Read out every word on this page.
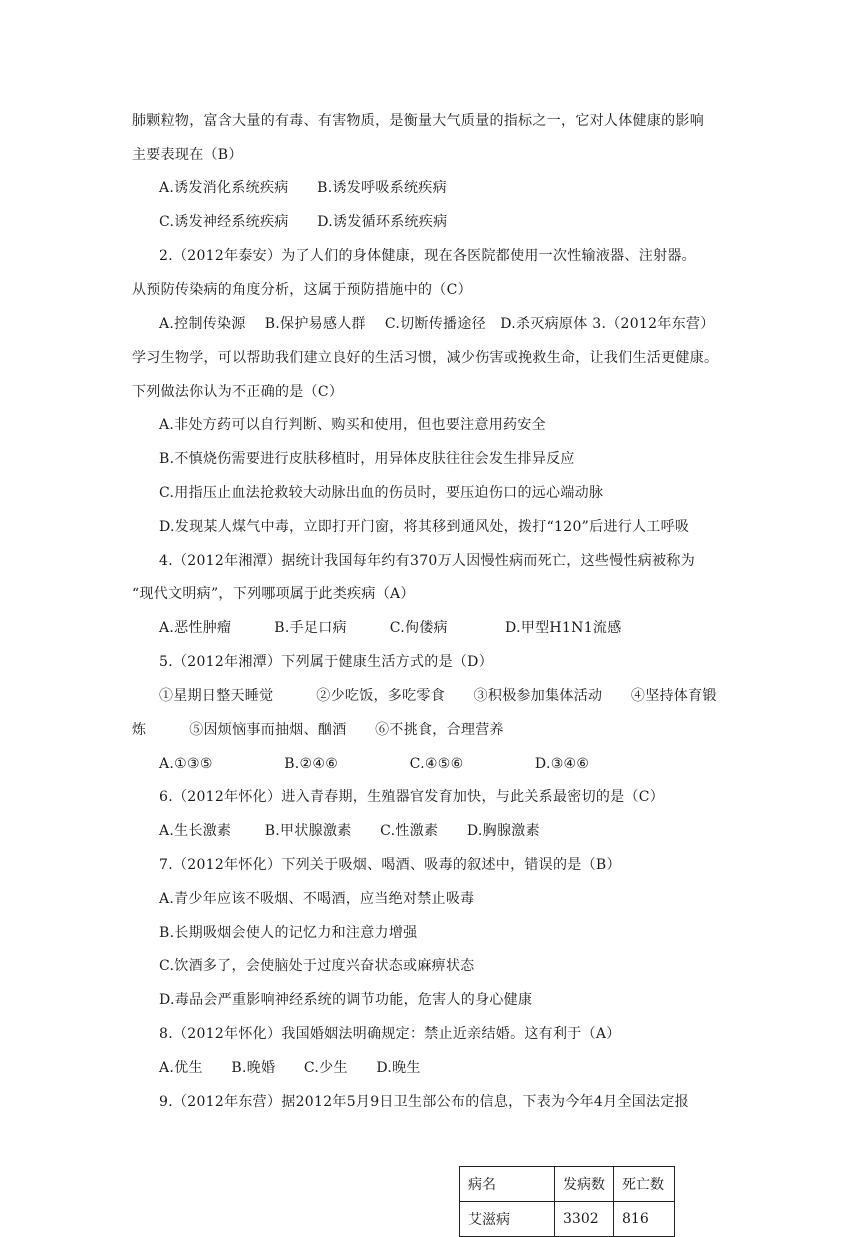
肺颗粒物，富含大量的有毒、有害物质，是衡量大气质量的指标之一，它对人体健康的影响
主要表现在（B）
A.诱发消化系统疾病　　B.诱发呼吸系统疾病
C.诱发神经系统疾病　　D.诱发循环系统疾病
2.（2012年泰安）为了人们的身体健康，现在各医院都使用一次性输液器、注射器。
从预防传染病的角度分析，这属于预防措施中的（C）
A.控制传染源　 B.保护易感人群　 C.切断传播途径　D.杀灭病原体 3.（2012年东营）
学习生物学，可以帮助我们建立良好的生活习惯，减少伤害或挽救生命，让我们生活更健康。
下列做法你认为不正确的是（C）
A.非处方药可以自行判断、购买和使用，但也要注意用药安全
B.不慎烧伤需要进行皮肤移植时，用异体皮肤往往会发生排异反应
C.用指压止血法抢救较大动脉出血的伤员时，要压迫伤口的远心端动脉
D.发现某人煤气中毒，立即打开门窗，将其移到通风处，拨打“120”后进行人工呼吸
4.（2012年湘潭）据统计我国每年约有370万人因慢性病而死亡，这些慢性病被称为
“现代文明病”，下列哪项属于此类疾病（A）
A.恶性肿瘤　　　B.手足口病　　　C.佝偻病　　　　D.甲型H1N1流感
5.（2012年湘潭）下列属于健康生活方式的是（D）
①星期日整天睡觉　　　②少吃饭，多吃零食　　③积极参加集体活动　　④坚持体育锻
炼　　　⑤因烦恼事而抽烟、酗酒　　⑥不挑食，合理营养
A.①③⑤　　　　　B.②④⑥　　　　　C.④⑤⑥　　　　　D.③④⑥
6.（2012年怀化）进入青春期，生殖器官发育加快，与此关系最密切的是（C）
A.生长激素　　 B.甲状腺激素　　C.性激素　　D.胸腺激素
7.（2012年怀化）下列关于吸烟、喝酒、吸毒的叙述中，错误的是（B）
A.青少年应该不吸烟、不喝酒，应当绝对禁止吸毒
B.长期吸烟会使人的记忆力和注意力增强
C.饮酒多了，会使脑处于过度兴奋状态或麻痹状态
D.毒品会严重影响神经系统的调节功能，危害人的身心健康
8.（2012年怀化）我国婚姻法明确规定：禁止近亲结婚。这有利于（A）
A.优生　　B.晚婚　　C.少生　　D.晚生
9.（2012年东营）据2012年5月9日卫生部公布的信息，下表为今年4月全国法定报
病名	发病数	死亡数
艾滋病	3302	816
